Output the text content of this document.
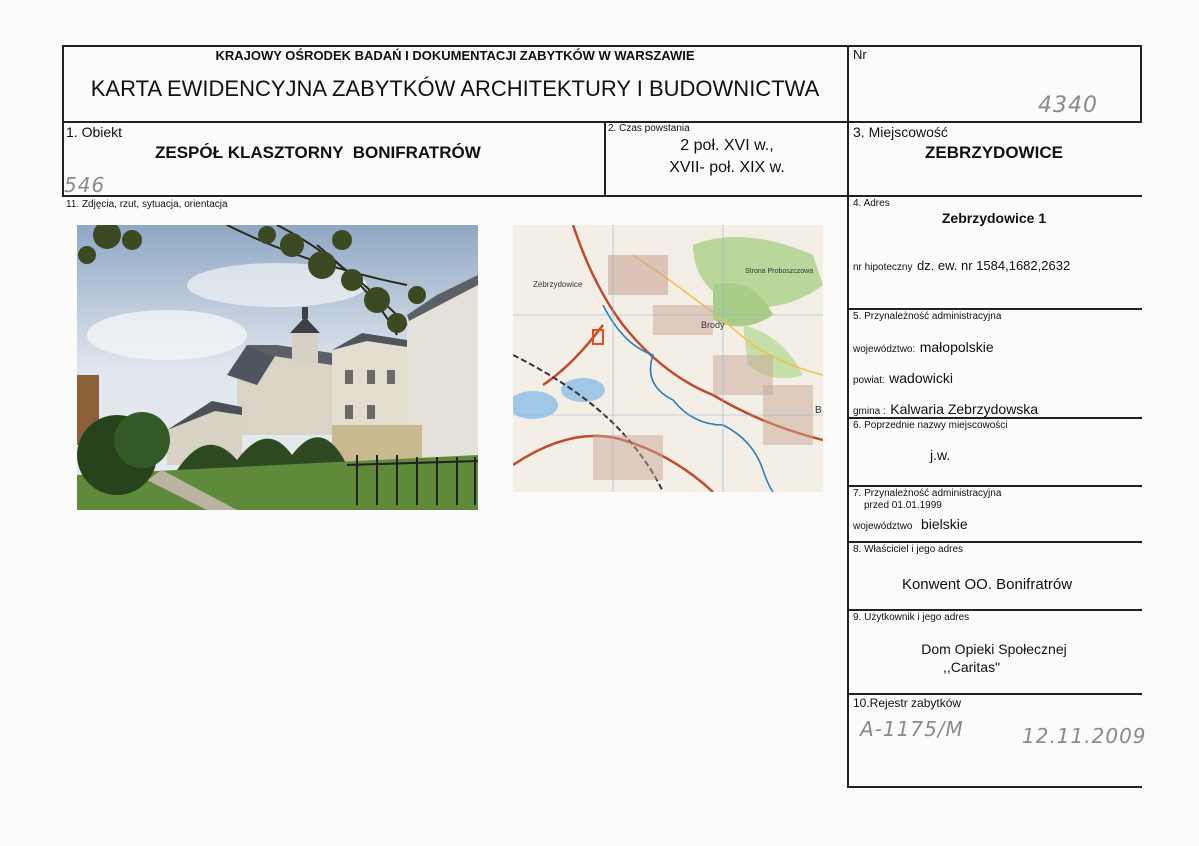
KRAJOWY OŚRODEK BADAŃ I DOKUMENTACJI ZABYTKÓW W WARSZAWIE
KARTA EWIDENCYJNA ZABYTKÓW ARCHITEKTURY I BUDOWNICTWA
Nr
4340
1. Obiekt
ZESPÓŁ KLASZTORNY  BONIFRATRÓW
546
2. Czas powstania
2 poł. XVI w.,
XVII- poł. XIX w.
3. Miejscowość
ZEBRZYDOWICE
11. Zdjęcia, rzut, sytuacja, orientacja
Zebrzydowice
Brody
Strona Proboszczowa
B
4. Adres
Zebrzydowice 1
nr hipoteczny dz. ew. nr 1584,1682,2632
5. Przynależność administracyjna
województwo: małopolskie
powiat: wadowicki
gmina : Kalwaria Zebrzydowska
6. Poprzednie nazwy miejscowości
j.w.
7. Przynależność administracyjna
przed 01.01.1999
województwo bielskie
8. Właściciel i jego adres
Konwent OO. Bonifratrów
9. Użytkownik i jego adres
Dom Opieki Społecznej
,,Caritas"
10.Rejestr zabytków
A-1175/M	12.11.2009
